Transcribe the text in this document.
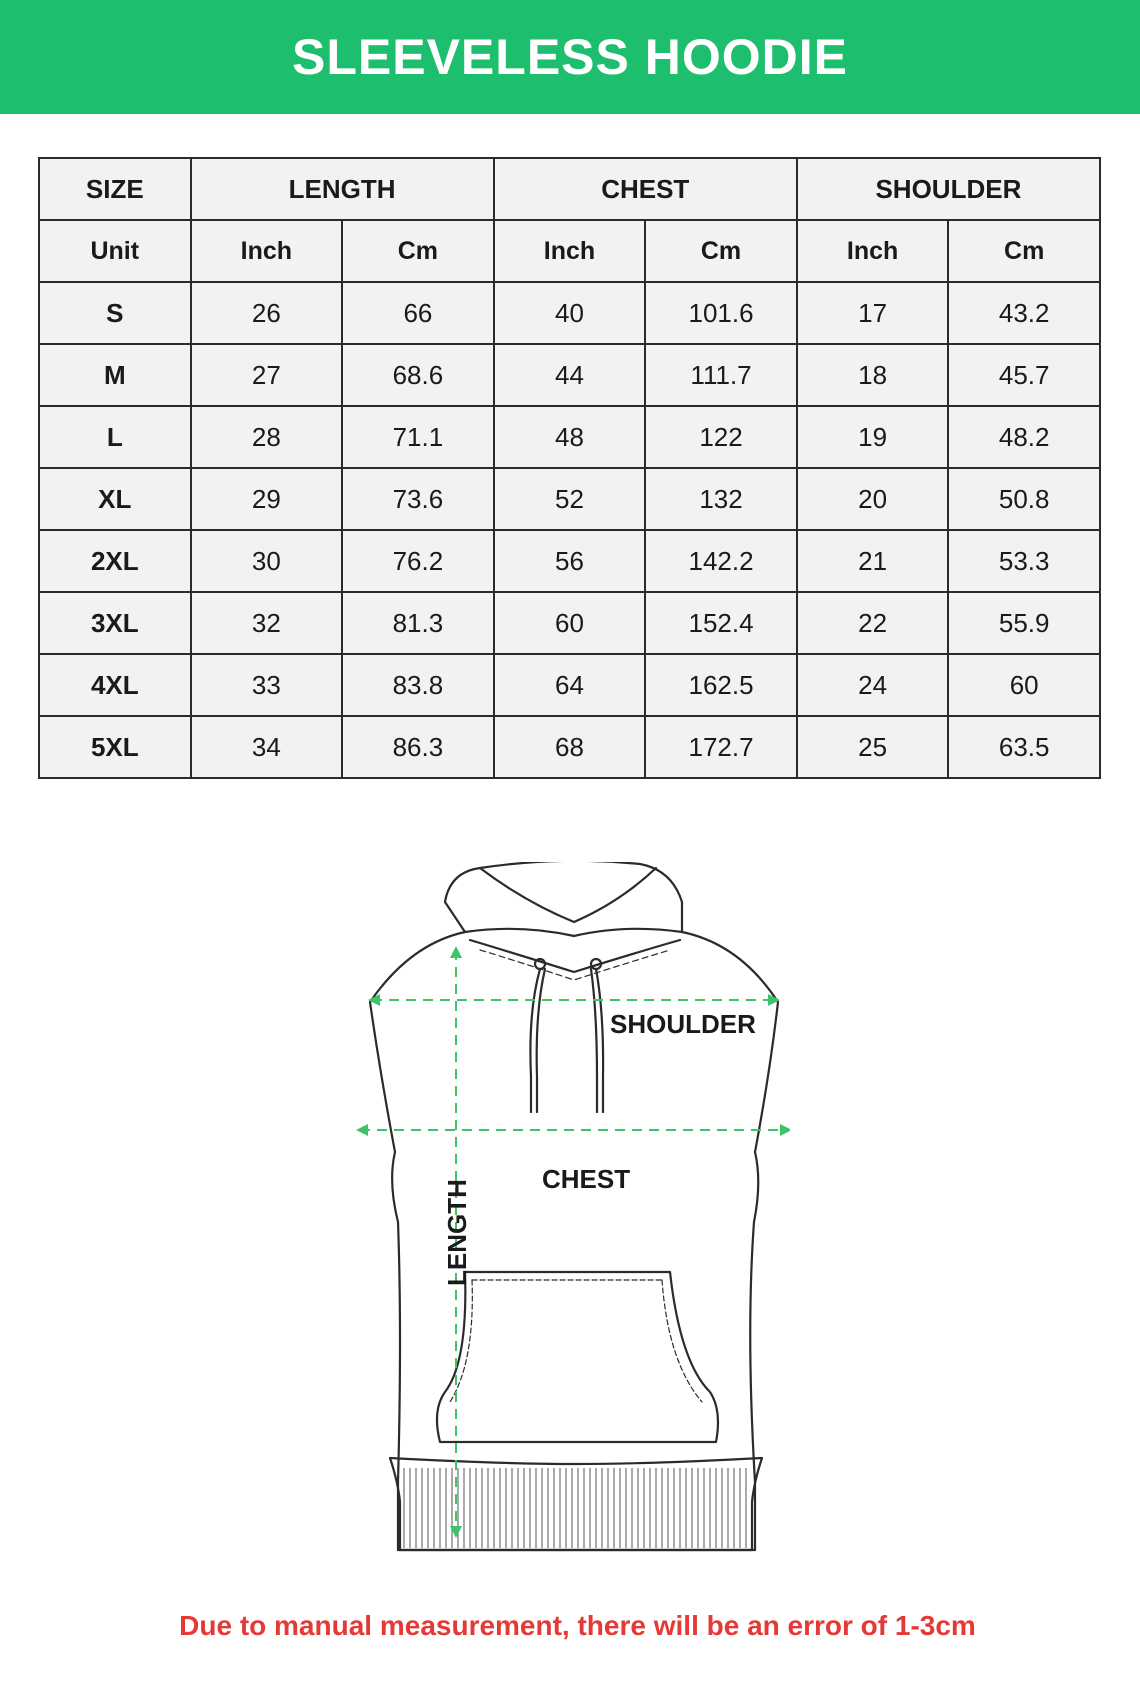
SLEEVELESS HOODIE
SIZE	LENGTH		CHEST		SHOULDER	
Unit	Inch	Cm	Inch	Cm	Inch	Cm
S	26	66	40	101.6	17	43.2
M	27	68.6	44	111.7	18	45.7
L	28	71.1	48	122	19	48.2
XL	29	73.6	52	132	20	50.8
2XL	30	76.2	56	142.2	21	53.3
3XL	32	81.3	60	152.4	22	55.9
4XL	33	83.8	64	162.5	24	60
5XL	34	86.3	68	172.7	25	63.5
SHOULDER
CHEST
LENGTH
Due to manual measurement, there will be an error of 1-3cm
